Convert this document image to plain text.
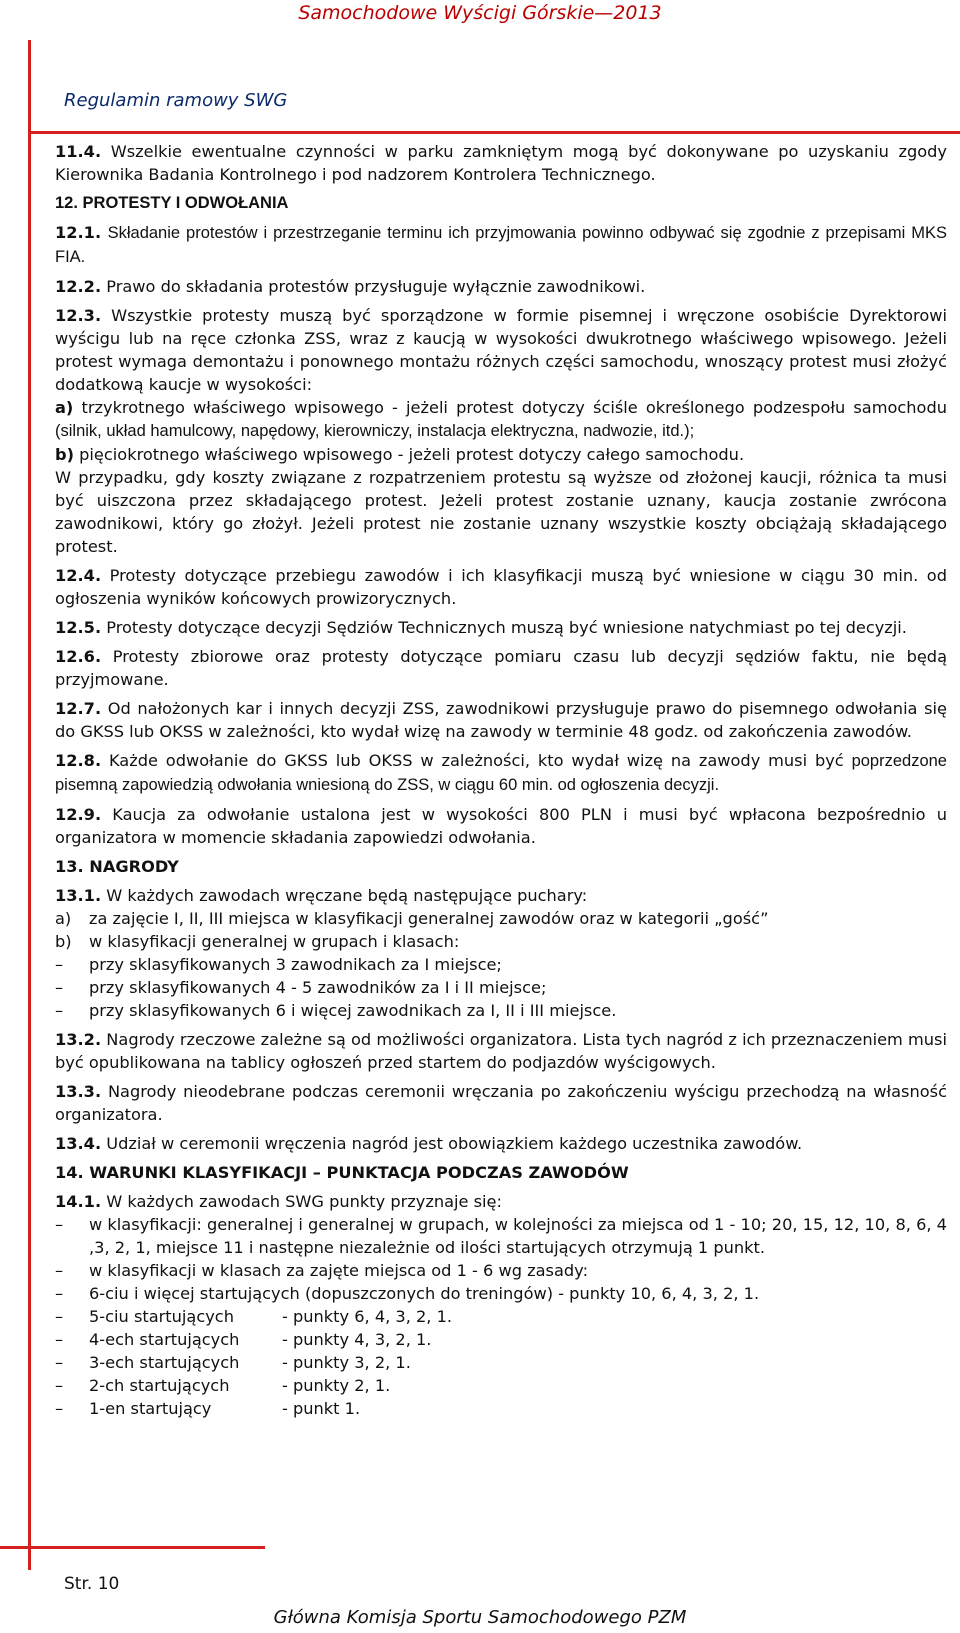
Samochodowe Wyścigi Górskie—2013
Regulamin ramowy SWG
11.4. Wszelkie ewentualne czynności w parku zamkniętym mogą być dokonywane po uzyskaniu zgody Kierownika Badania Kontrolnego i pod nadzorem Kontrolera Technicznego.
12. PROTESTY I ODWOŁANIA
12.1. Składanie protestów i przestrzeganie terminu ich przyjmowania powinno odbywać się zgodnie z przepisami MKS FIA.
12.2. Prawo do składania protestów przysługuje wyłącznie zawodnikowi.
12.3. Wszystkie protesty muszą być sporządzone w formie pisemnej i wręczone osobiście Dyrektorowi wyścigu lub na ręce członka ZSS, wraz z kaucją w wysokości dwukrotnego właściwego wpisowego. Jeżeli protest wymaga demontażu i ponownego montażu różnych części samochodu, wnoszący protest musi złożyć dodatkową kaucje w wysokości:
a) trzykrotnego właściwego wpisowego - jeżeli protest dotyczy ściśle określonego podzespołu samochodu (silnik, układ hamulcowy, napędowy, kierowniczy, instalacja elektryczna, nadwozie, itd.);
b) pięciokrotnego właściwego wpisowego - jeżeli protest dotyczy całego samochodu.
W przypadku, gdy koszty związane z rozpatrzeniem protestu są wyższe od złożonej kaucji, różnica ta musi być uiszczona przez składającego protest. Jeżeli protest zostanie uznany, kaucja zostanie zwrócona zawodnikowi, który go złożył. Jeżeli protest nie zostanie uznany wszystkie koszty obciążają składającego protest.
12.4. Protesty dotyczące przebiegu zawodów i ich klasyfikacji muszą być wniesione w ciągu 30 min. od ogłoszenia wyników końcowych prowizorycznych.
12.5. Protesty dotyczące decyzji Sędziów Technicznych muszą być wniesione natychmiast po tej decyzji.
12.6. Protesty zbiorowe oraz protesty dotyczące pomiaru czasu lub decyzji sędziów faktu, nie będą przyjmowane.
12.7. Od nałożonych kar i innych decyzji ZSS, zawodnikowi przysługuje prawo do pisemnego odwołania się do GKSS lub OKSS w zależności, kto wydał wizę na zawody w terminie 48 godz. od zakończenia zawodów.
12.8. Każde odwołanie do GKSS lub OKSS w zależności, kto wydał wizę na zawody musi być poprzedzone pisemną zapowiedzią odwołania wniesioną do ZSS, w ciągu 60 min. od ogłoszenia decyzji.
12.9. Kaucja za odwołanie ustalona jest w wysokości 800 PLN i musi być wpłacona bezpośrednio u organizatora w momencie składania zapowiedzi odwołania.
13. NAGRODY
13.1. W każdych zawodach wręczane będą następujące puchary:
a)	za zajęcie I, II, III miejsca w klasyfikacji generalnej zawodów oraz w kategorii „gość”
b)	w klasyfikacji generalnej w grupach i klasach:
–	przy sklasyfikowanych 3 zawodnikach za I miejsce;
–	przy sklasyfikowanych 4 - 5 zawodników za I i II miejsce;
–	przy sklasyfikowanych 6 i więcej zawodnikach za I, II i III miejsce.
13.2. Nagrody rzeczowe zależne są od możliwości organizatora. Lista tych nagród z ich przeznaczeniem musi być opublikowana na tablicy ogłoszeń przed startem do podjazdów wyścigowych.
13.3. Nagrody nieodebrane podczas ceremonii wręczania po zakończeniu wyścigu przechodzą na własność organizatora.
13.4. Udział w ceremonii wręczenia nagród jest obowiązkiem każdego uczestnika zawodów.
14. WARUNKI KLASYFIKACJI – PUNKTACJA PODCZAS ZAWODÓW
14.1. W każdych zawodach SWG punkty przyznaje się:
–	w klasyfikacji: generalnej i generalnej w grupach, w kolejności za miejsca od 1 - 10; 20, 15, 12, 10, 8, 6, 4 ,3, 2, 1, miejsce 11 i następne niezależnie od ilości startujących otrzymują 1 punkt.
–	w klasyfikacji w klasach za zajęte miejsca od 1 - 6 wg zasady:
–	6-ciu i więcej startujących (dopuszczonych do treningów) - punkty 10, 6, 4, 3, 2, 1.
–	5-ciu startujących	- punkty 6, 4, 3, 2, 1.
–	4-ech startujących	- punkty 4, 3, 2, 1.
–	3-ech startujących	- punkty 3, 2, 1.
–	2-ch startujących	- punkty 2, 1.
–	1-en startujący	- punkt 1.
Str. 10
Główna Komisja Sportu Samochodowego PZM
